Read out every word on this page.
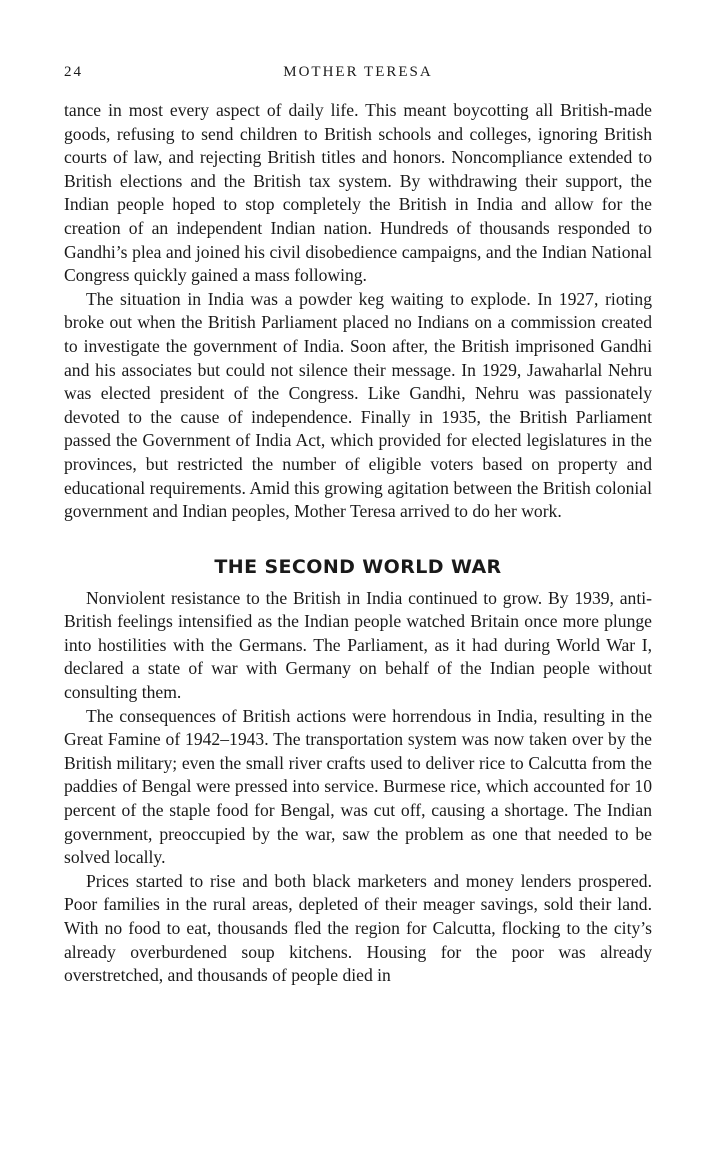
24	MOTHER TERESA

tance in most every aspect of daily life. This meant boycotting all British-made goods, refusing to send children to British schools and colleges, ignoring British courts of law, and rejecting British titles and honors. Noncompliance extended to British elections and the British tax system. By withdrawing their support, the Indian people hoped to stop completely the British in India and allow for the creation of an independent Indian nation. Hundreds of thousands responded to Gandhi’s plea and joined his civil disobedience campaigns, and the Indian National Congress quickly gained a mass following.

The situation in India was a powder keg waiting to explode. In 1927, rioting broke out when the British Parliament placed no Indians on a commission created to investigate the government of India. Soon after, the British imprisoned Gandhi and his associates but could not silence their message. In 1929, Jawaharlal Nehru was elected president of the Congress. Like Gandhi, Nehru was passionately devoted to the cause of independence. Finally in 1935, the British Parliament passed the Government of India Act, which provided for elected legislatures in the provinces, but restricted the number of eligible voters based on property and educational requirements. Amid this growing agitation between the British colonial government and Indian peoples, Mother Teresa arrived to do her work.

THE SECOND WORLD WAR

Nonviolent resistance to the British in India continued to grow. By 1939, anti-British feelings intensified as the Indian people watched Britain once more plunge into hostilities with the Germans. The Parliament, as it had during World War I, declared a state of war with Germany on behalf of the Indian people without consulting them.

The consequences of British actions were horrendous in India, resulting in the Great Famine of 1942–1943. The transportation system was now taken over by the British military; even the small river crafts used to deliver rice to Calcutta from the paddies of Bengal were pressed into service. Burmese rice, which accounted for 10 percent of the staple food for Bengal, was cut off, causing a shortage. The Indian government, preoccupied by the war, saw the problem as one that needed to be solved locally.

Prices started to rise and both black marketers and money lenders prospered. Poor families in the rural areas, depleted of their meager savings, sold their land. With no food to eat, thousands fled the region for Calcutta, flocking to the city’s already overburdened soup kitchens. Housing for the poor was already overstretched, and thousands of people died in
